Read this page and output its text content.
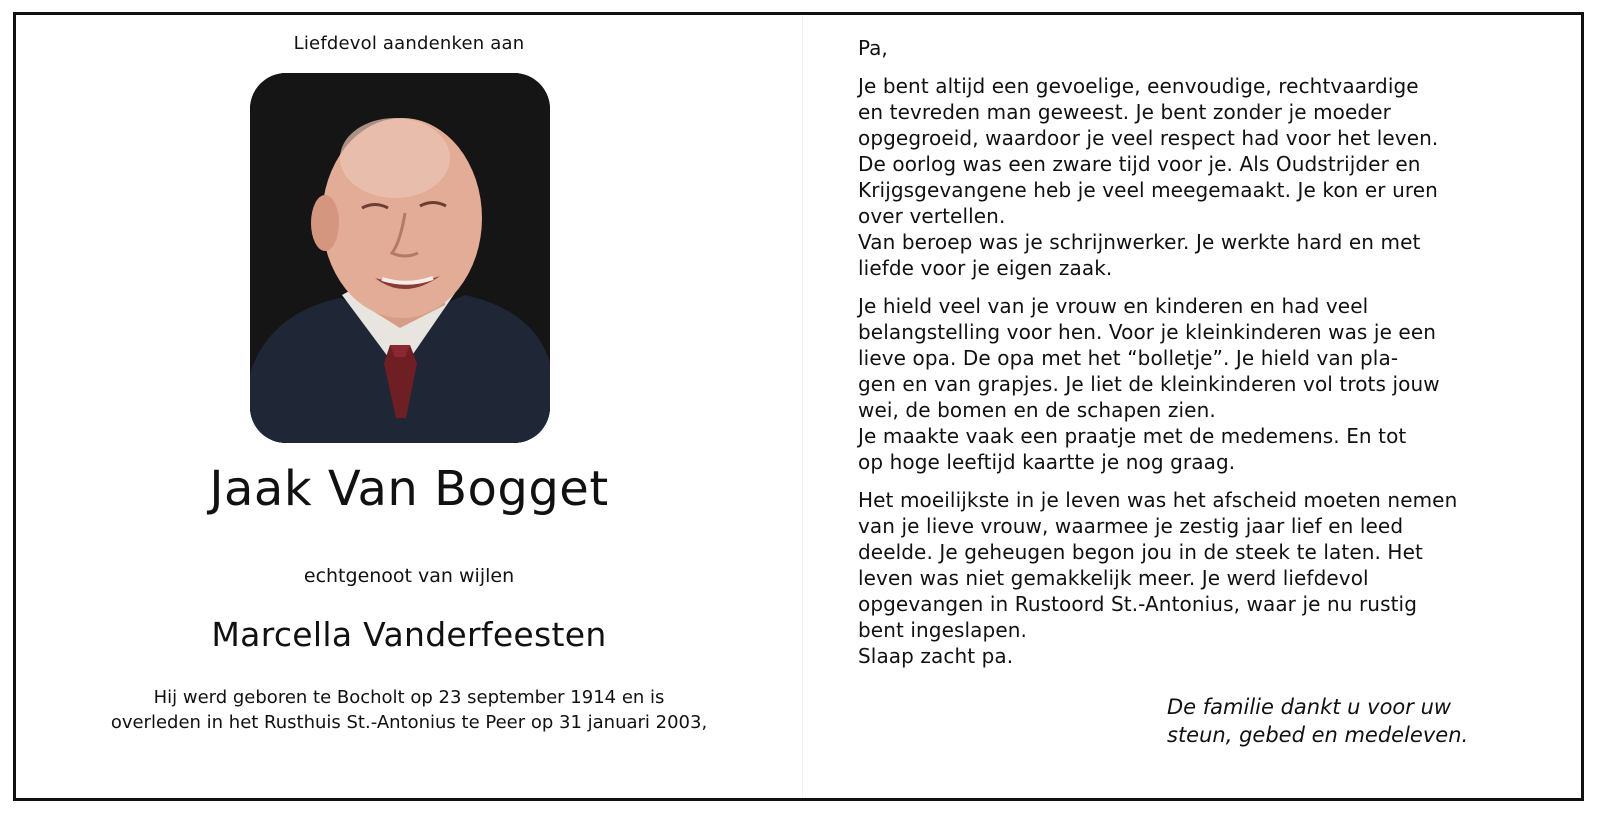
Liefdevol aandenken aan
Jaak Van Bogget
echtgenoot van wijlen
Marcella Vanderfeesten
Hij werd geboren te Bocholt op 23 september 1914 en is
overleden in het Rusthuis St.-Antonius te Peer op 31 januari 2003,
Pa,
Je bent altijd een gevoelige, eenvoudige, rechtvaardige
en tevreden man geweest. Je bent zonder je moeder
opgegroeid, waardoor je veel respect had voor het leven.
De oorlog was een zware tijd voor je. Als Oudstrijder en
Krijgsgevangene heb je veel meegemaakt. Je kon er uren
over vertellen.
Van beroep was je schrijnwerker. Je werkte hard en met
liefde voor je eigen zaak.
Je hield veel van je vrouw en kinderen en had veel
belangstelling voor hen. Voor je kleinkinderen was je een
lieve opa. De opa met het “bolletje”. Je hield van pla-
gen en van grapjes. Je liet de kleinkinderen vol trots jouw
wei, de bomen en de schapen zien.
Je maakte vaak een praatje met de medemens. En tot
op hoge leeftijd kaartte je nog graag.
Het moeilijkste in je leven was het afscheid moeten nemen
van je lieve vrouw, waarmee je zestig jaar lief en leed
deelde. Je geheugen begon jou in de steek te laten. Het
leven was niet gemakkelijk meer. Je werd liefdevol
opgevangen in Rustoord St.-Antonius, waar je nu rustig
bent ingeslapen.
Slaap zacht pa.
De familie dankt u voor uw
steun, gebed en medeleven.
